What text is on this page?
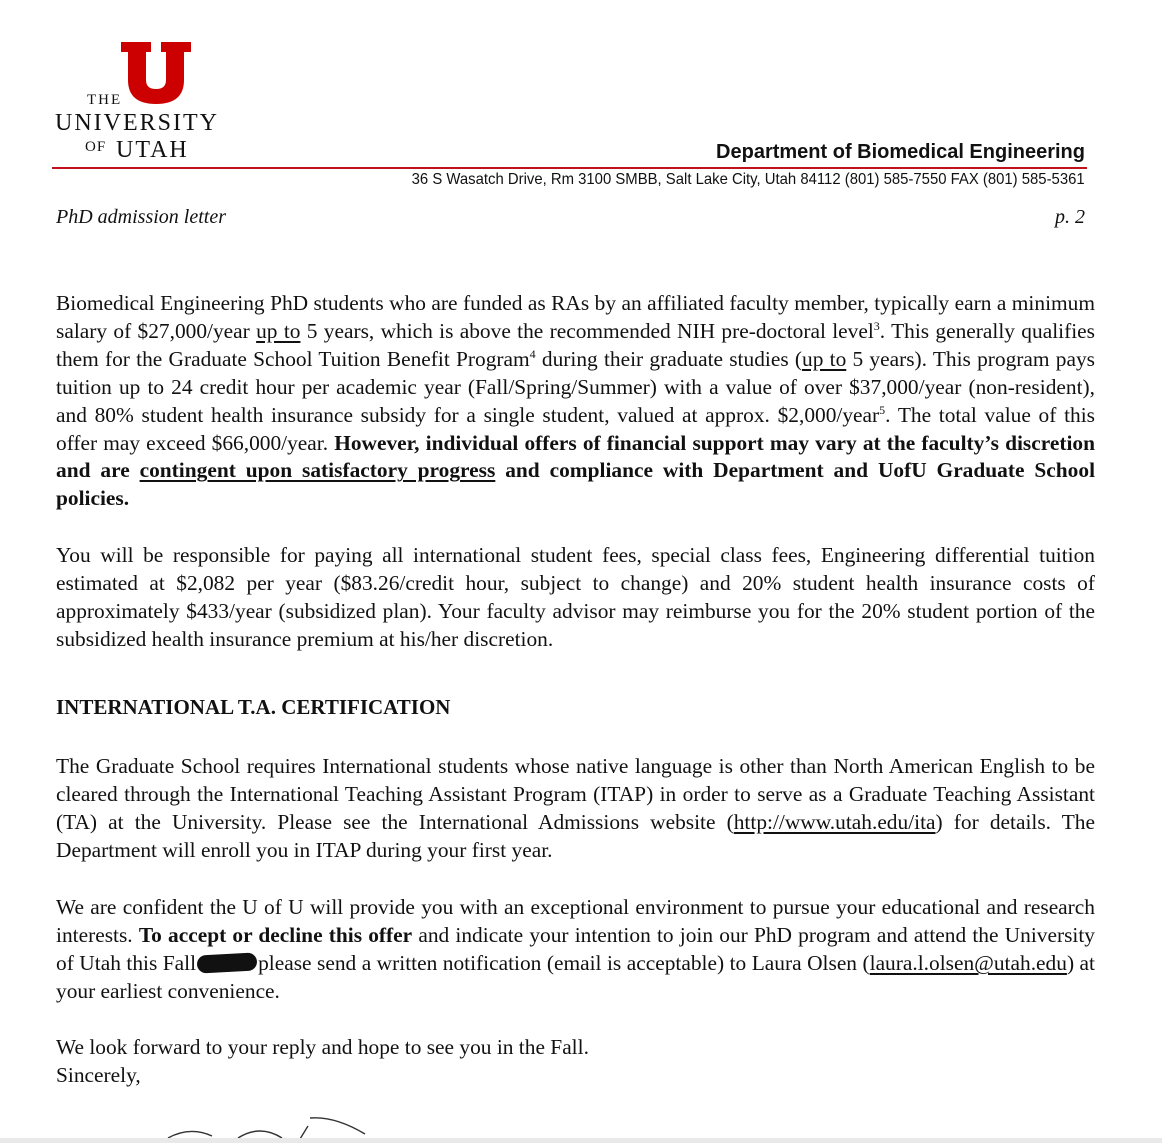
THE
UNIVERSITY
OF UTAH	Department of Biomedical Engineering
36 S Wasatch Drive, Rm 3100 SMBB, Salt Lake City, Utah 84112 (801) 585-7550 FAX (801) 585-5361
PhD admission letter	p. 2

Biomedical Engineering PhD students who are funded as RAs by an affiliated faculty member, typically earn a minimum salary of $27,000/year up to 5 years, which is above the recommended NIH pre-doctoral level$^3$. This generally qualifies them for the Graduate School Tuition Benefit Program$^4$ during their graduate studies (up to 5 years). This program pays tuition up to 24 credit hour per academic year (Fall/Spring/Summer) with a value of over $37,000/year (non-resident), and 80% student health insurance subsidy for a single student, valued at approx. $2,000/year$^5$. The total value of this offer may exceed $66,000/year. However, individual offers of financial support may vary at the faculty’s discretion and are contingent upon satisfactory progress and compliance with Department and UofU Graduate School policies.

You will be responsible for paying all international student fees, special class fees, Engineering differential tuition estimated at $2,082 per year ($83.26/credit hour, subject to change) and 20% student health insurance costs of approximately $433/year (subsidized plan). Your faculty advisor may reimburse you for the 20% student portion of the subsidized health insurance premium at his/her discretion.

INTERNATIONAL T.A. CERTIFICATION

The Graduate School requires International students whose native language is other than North American English to be cleared through the International Teaching Assistant Program (ITAP) in order to serve as a Graduate Teaching Assistant (TA) at the University. Please see the International Admissions website (http://www.utah.edu/ita) for details. The Department will enroll you in ITAP during your first year.

We are confident the U of U will provide you with an exceptional environment to pursue your educational and research interests. To accept or decline this offer and indicate your intention to join our PhD program and attend the University of Utah this Fall	please send a written notification (email is acceptable) to Laura Olsen (laura.l.olsen@utah.edu) at your earliest convenience.

We look forward to your reply and hope to see you in the Fall.

Sincerely,
